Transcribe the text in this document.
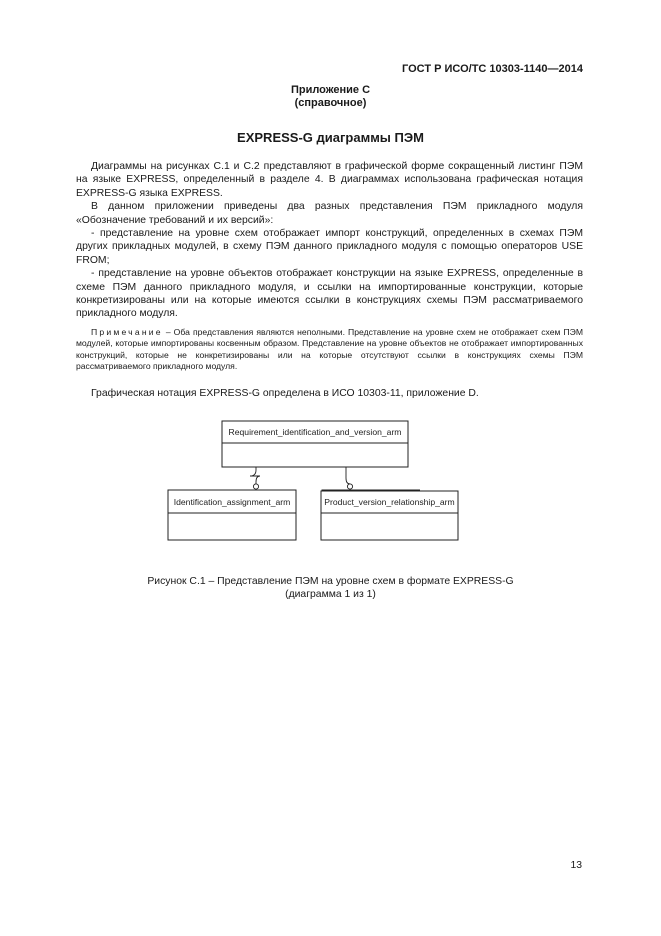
ГОСТ Р ИСО/ТС 10303-1140—2014
Приложение С
(справочное)
EXPRESS-G диаграммы ПЭМ

Диаграммы на рисунках С.1 и С.2 представляют в графической форме сокращенный листинг ПЭМ на языке EXPRESS, определенный в разделе 4. В диаграммах использована графическая нотация EXPRESS-G языка EXPRESS.

В данном приложении приведены два разных представления ПЭМ прикладного модуля «Обозначение требований и их версий»:

- представление на уровне схем отображает импорт конструкций, определенных в схемах ПЭМ других прикладных модулей, в схему ПЭМ данного прикладного модуля с помощью операторов USE FROM;

- представление на уровне объектов отображает конструкции на языке EXPRESS, определенные в схеме ПЭМ данного прикладного модуля, и ссылки на импортированные конструкции, которые конкретизированы или на которые имеются ссылки в конструкциях схемы ПЭМ рассматриваемого прикладного модуля.

Примечание – Оба представления являются неполными. Представление на уровне схем не отображает схем ПЭМ модулей, которые импортированы косвенным образом. Представление на уровне объектов не отображает импортированных конструкций, которые не конкретизированы или на которые отсутствуют ссылки в конструкциях схемы ПЭМ рассматриваемого прикладного модуля.

Графическая нотация EXPRESS-G определена в ИСО 10303-11, приложение D.
Requirement_identification_and_version_arm
Identification_assignment_arm	Product_version_relationship_arm
Рисунок С.1 – Представление ПЭМ на уровне схем в формате EXPRESS-G
(диаграмма 1 из 1)
13
